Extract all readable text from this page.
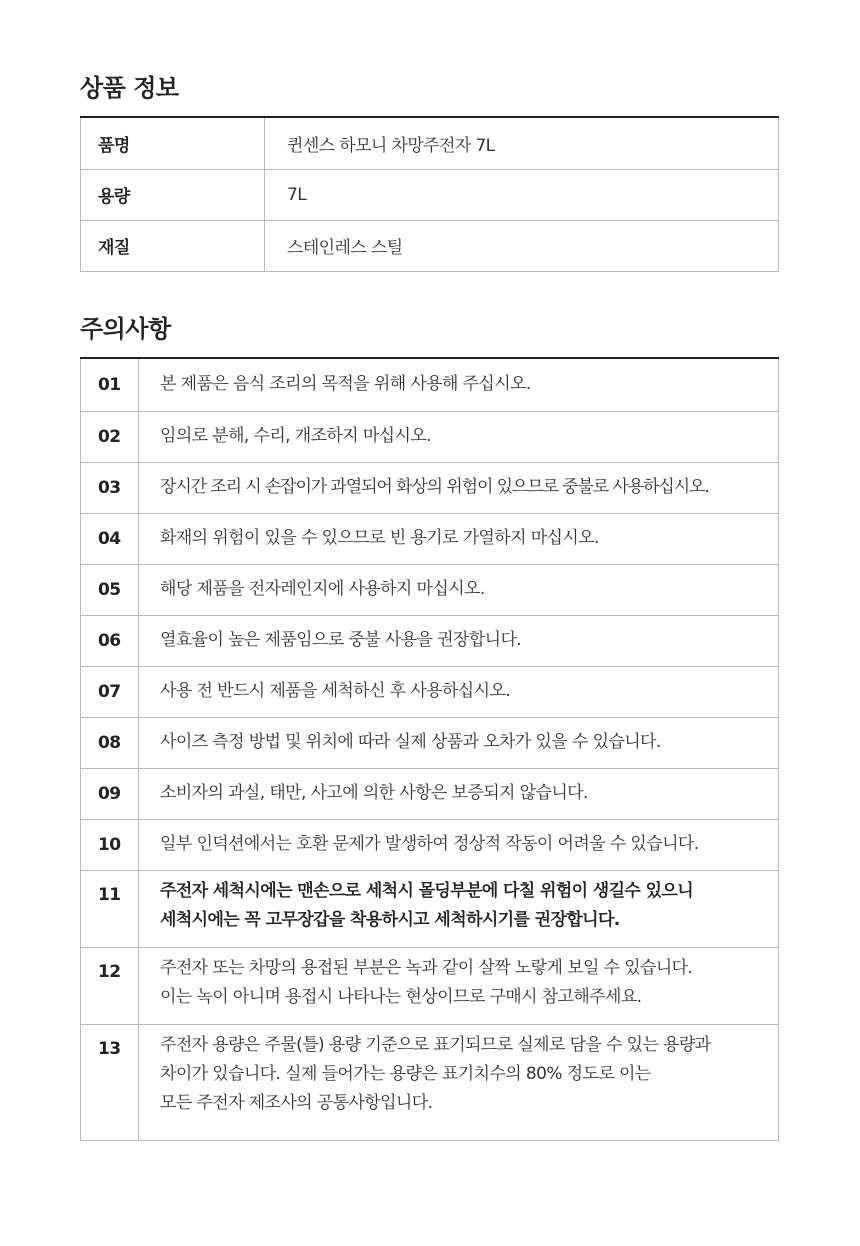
상품 정보
품명	퀸센스 하모니 차망주전자 7L
용량	7L
재질	스테인레스 스틸
주의사항
01	본 제품은 음식 조리의 목적을 위해 사용해 주십시오.

02	임의로 분해, 수리, 개조하지 마십시오.

03	장시간 조리 시 손잡이가 과열되어 화상의 위험이 있으므로 중불로 사용하십시오.

04	화재의 위험이 있을 수 있으므로 빈 용기로 가열하지 마십시오.

05	해당 제품을 전자레인지에 사용하지 마십시오.

06	열효율이 높은 제품임으로 중불 사용을 권장합니다.

07	사용 전 반드시 제품을 세척하신 후 사용하십시오.

08	사이즈 측정 방법 및 위치에 따라 실제 상품과 오차가 있을 수 있습니다.

09	소비자의 과실, 태만, 사고에 의한 사항은 보증되지 않습니다.

10	일부 인덕션에서는 호환 문제가 발생하여 정상적 작동이 어려울 수 있습니다.

11	주전자 세척시에는 맨손으로 세척시 몰딩부분에 다칠 위험이 생길수 있으니
세척시에는 꼭 고무장갑을 착용하시고 세척하시기를 권장합니다.

12	주전자 또는 차망의 용접된 부분은 녹과 같이 살짝 노랗게 보일 수 있습니다.
이는 녹이 아니며 용접시 나타나는 현상이므로 구매시 참고해주세요.

13	주전자 용량은 주물(틀) 용량 기준으로 표기되므로 실제로 담을 수 있는 용량과
차이가 있습니다. 실제 들어가는 용량은 표기치수의 80% 정도로 이는
모든 주전자 제조사의 공통사항입니다.
